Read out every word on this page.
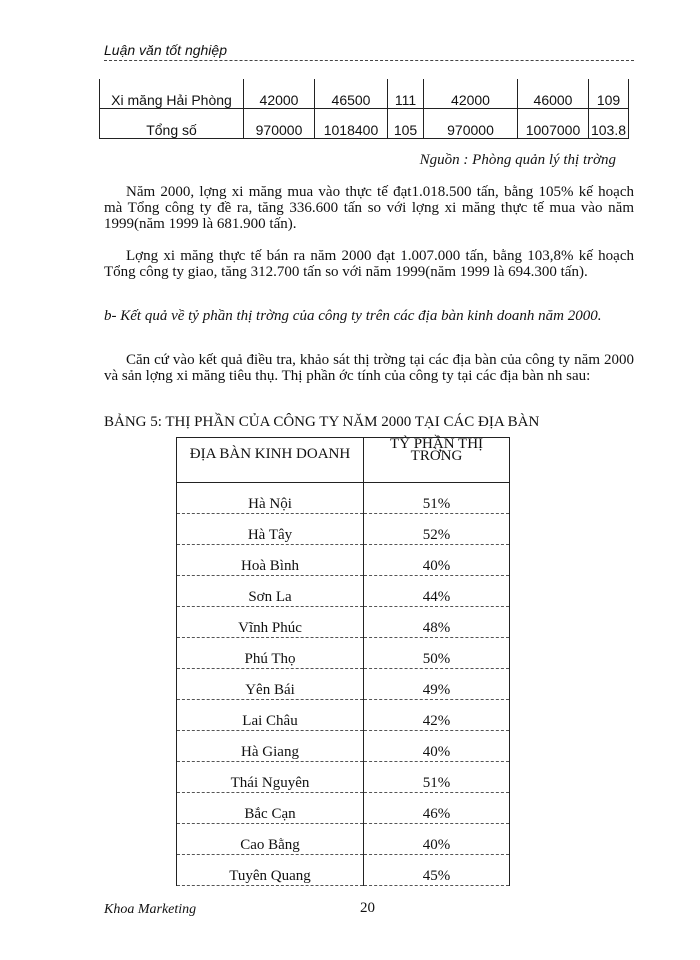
Luận văn tốt nghiệp
Xi măng Hải Phòng	42000	46500	111	42000	46000	109
Tổng số	970000	1018400	105	970000	1007000	103.8
Nguồn : Phòng quản lý thị trờng

Năm 2000, lợng xi măng mua vào thực tế đạt1.018.500 tấn, bằng 105% kế hoạch mà Tổng công ty đề ra, tăng 336.600 tấn so với lợng xi măng thực tế mua vào năm 1999(năm 1999 là 681.900 tấn).

Lợng xi măng thực tế bán ra năm 2000 đạt 1.007.000 tấn, bằng 103,8% kế hoạch Tổng công ty giao, tăng 312.700 tấn so với năm 1999(năm 1999 là 694.300 tấn).

b- Kết quả về tỷ phần thị trờng của công ty trên các địa bàn kinh doanh năm 2000.

Căn cứ vào kết quả điều tra, khảo sát thị trờng tại các địa bàn của công ty năm 2000 và sản lợng xi măng tiêu thụ. Thị phần ớc tính của công ty tại các địa bàn nh sau:

BẢNG 5: THỊ PHẦN CỦA CÔNG TY NĂM 2000 TẠI CÁC ĐỊA BÀN
ĐỊA BÀN KINH DOANH	TỶ PHẦN THỊ TRỜNG
Hà Nội	51%
Hà Tây	52%
Hoà Bình	40%
Sơn La	44%
Vĩnh Phúc	48%
Phú Thọ	50%
Yên Bái	49%
Lai Châu	42%
Hà Giang	40%
Thái Nguyên	51%
Bắc Cạn	46%
Cao Bằng	40%
Tuyên Quang	45%
Khoa Marketing	20
